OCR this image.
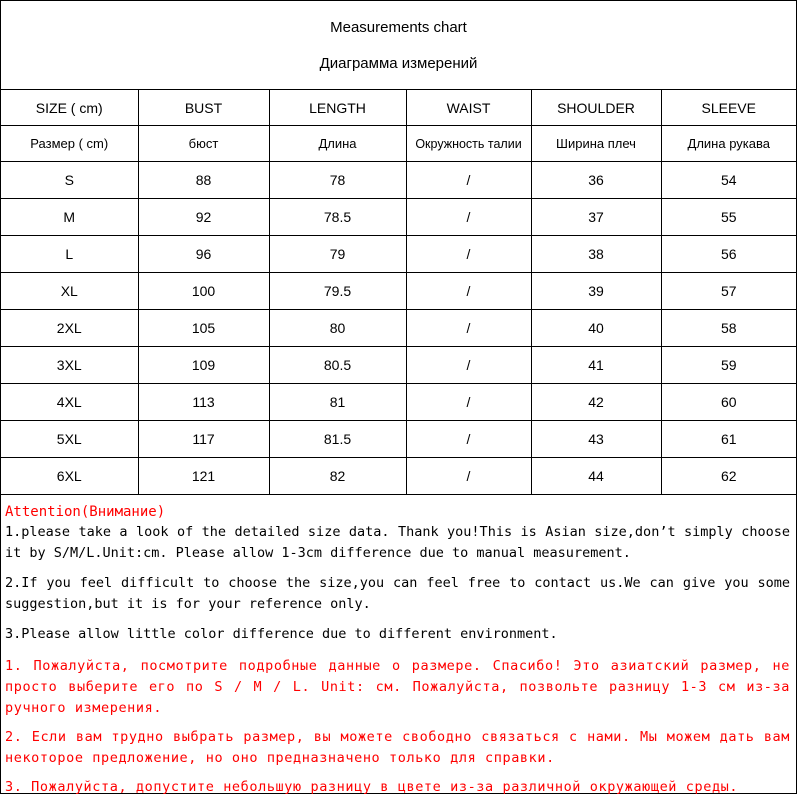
Measurements chart
Диаграмма измерений
SIZE ( cm)	BUST	LENGTH	WAIST	SHOULDER	SLEEVE
Размер ( cm)	бюст	Длина	Окружность талии	Ширина плеч	Длина рукава
S	88	78	/	36	54
M	92	78.5	/	37	55
L	96	79	/	38	56
XL	100	79.5	/	39	57
2XL	105	80	/	40	58
3XL	109	80.5	/	41	59
4XL	113	81	/	42	60
5XL	117	81.5	/	43	61
6XL	121	82	/	44	62
Attention(Внимание)
1.please take a look of the detailed size data. Thank you!This is Asian size,don’t simply choose it by S/M/L.Unit:cm. Please allow 1-3cm difference due to manual measurement.
2.If you feel difficult to choose the size,you can feel free to contact us.We can give you some suggestion,but it is for your reference only.
3.Please allow little color difference due to different environment.
1. Пожалуйста, посмотрите подробные данные о размере. Спасибо! Этo азиатский размер, не просто выберите его по S / M / L. Unit: см. Пожалуйста, позвольте разницу 1-3 см из-за ручного измерения.
2. Если вам трудно выбрать размер, вы можете свободно связаться с нами. Мы можем дать вам некоторое предложение, но оно предназначено только для справки.
3. Пожалуйста, допустите небольшую разницу в цвете из-за различной окружающей среды.
